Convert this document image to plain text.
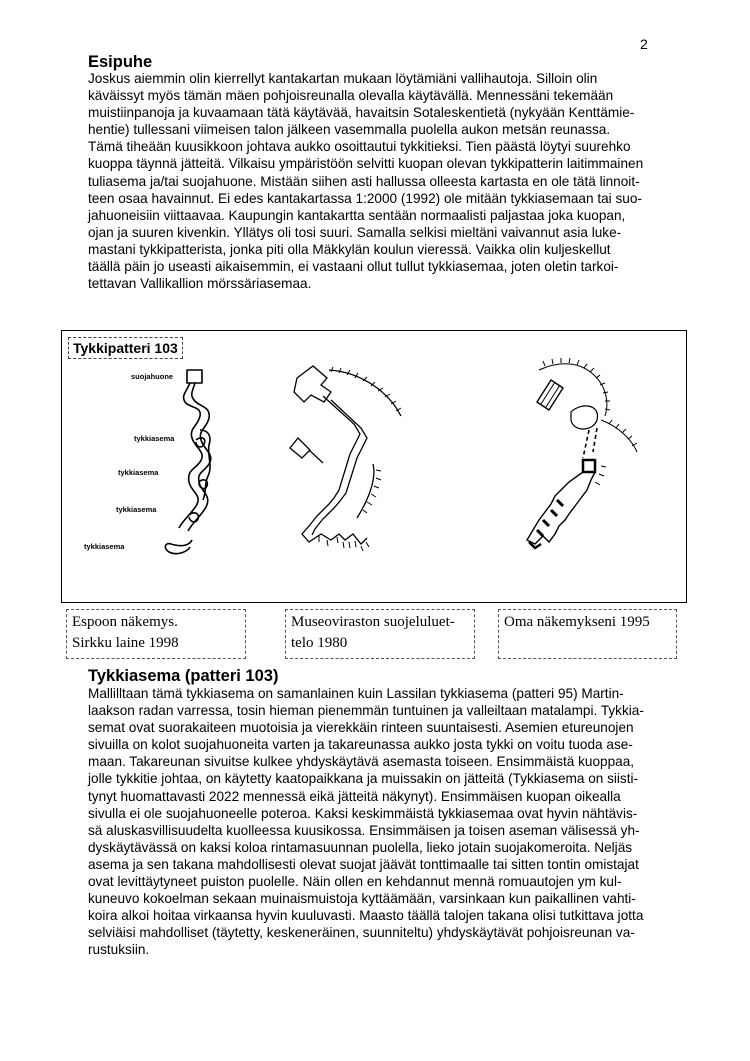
2
Esipuhe
Joskus aiemmin olin kierrellyt kantakartan mukaan löytämiäni vallihautoja. Silloin olin
käväissyt myös tämän mäen pohjoisreunalla olevalla käytävällä. Mennessäni tekemään
muistiinpanoja ja kuvaamaan tätä käytävää, havaitsin Sotaleskentietä (nykyään Kenttämie-
hentie) tullessani viimeisen talon jälkeen vasemmalla puolella aukon metsän reunassa.
Tämä tiheään kuusikkoon johtava aukko osoittautui tykkitieksi. Tien päästä löytyi suurehko
kuoppa täynnä jätteitä. Vilkaisu ympäristöön selvitti kuopan olevan tykkipatterin laitimmainen
tuliasema ja/tai suojahuone. Mistään siihen asti hallussa olleesta kartasta en ole tätä linnoit-
teen osaa havainnut. Ei edes kantakartassa 1:2000 (1992) ole mitään tykkiasemaan tai suo-
jahuoneisiin viittaavaa. Kaupungin kantakartta sentään normaalisti paljastaa joka kuopan,
ojan ja suuren kivenkin. Yllätys oli tosi suuri. Samalla selkisi mieltäni vaivannut asia luke-
mastani tykkipatterista, jonka piti olla Mäkkylän koulun vieressä. Vaikka olin kuljeskellut
täällä päin jo useasti aikaisemmin, ei vastaani ollut tullut tykkiasemaa, joten oletin tarkoi-
tettavan Vallikallion mörssäriasemaa.
suojahuone
tykkiasema
tykkiasema
tykkiasema
tykkiasema
Tykkipatteri 103
Espoon näkemys.
Sirkku laine 1998
Museoviraston suojeluluet-
telo 1980
Oma näkemykseni 1995
Tykkiasema (patteri 103)
Mallilltaan tämä tykkiasema on samanlainen kuin Lassilan tykkiasema (patteri 95) Martin-
laakson radan varressa, tosin hieman pienemmän tuntuinen ja valleiltaan matalampi. Tykkia-
semat ovat suorakaiteen muotoisia ja vierekkäin rinteen suuntaisesti. Asemien etureunojen
sivuilla on kolot suojahuoneita varten ja takareunassa aukko josta tykki on voitu tuoda ase-
maan. Takareunan sivuitse kulkee yhdyskäytävä asemasta toiseen. Ensimmäistä kuoppaa,
jolle tykkitie johtaa, on käytetty kaatopaikkana ja muissakin on jätteitä (Tykkiasema on siisti-
tynyt huomattavasti 2022 mennessä eikä jätteitä näkynyt). Ensimmäisen kuopan oikealla
sivulla ei ole suojahuoneelle poteroa. Kaksi keskimmäistä tykkiasemaa ovat hyvin nähtävis-
sä aluskasvillisuudelta kuolleessa kuusikossa. Ensimmäisen ja toisen aseman välisessä yh-
dyskäytävässä on kaksi koloa rintamasuunnan puolella, lieko jotain suojakomeroita. Neljäs
asema ja sen takana mahdollisesti olevat suojat jäävät tonttimaalle tai sitten tontin omistajat
ovat levittäytyneet puiston puolelle. Näin ollen en kehdannut mennä romuautojen ym kul-
kuneuvo kokoelman sekaan muinaismuistoja kyttäämään, varsinkaan kun paikallinen vahti-
koira alkoi hoitaa virkaansa hyvin kuuluvasti. Maasto täällä talojen takana olisi tutkittava jotta
selviäisi mahdolliset (täytetty, keskeneräinen, suunniteltu) yhdyskäytävät pohjoisreunan va-
rustuksiin.
